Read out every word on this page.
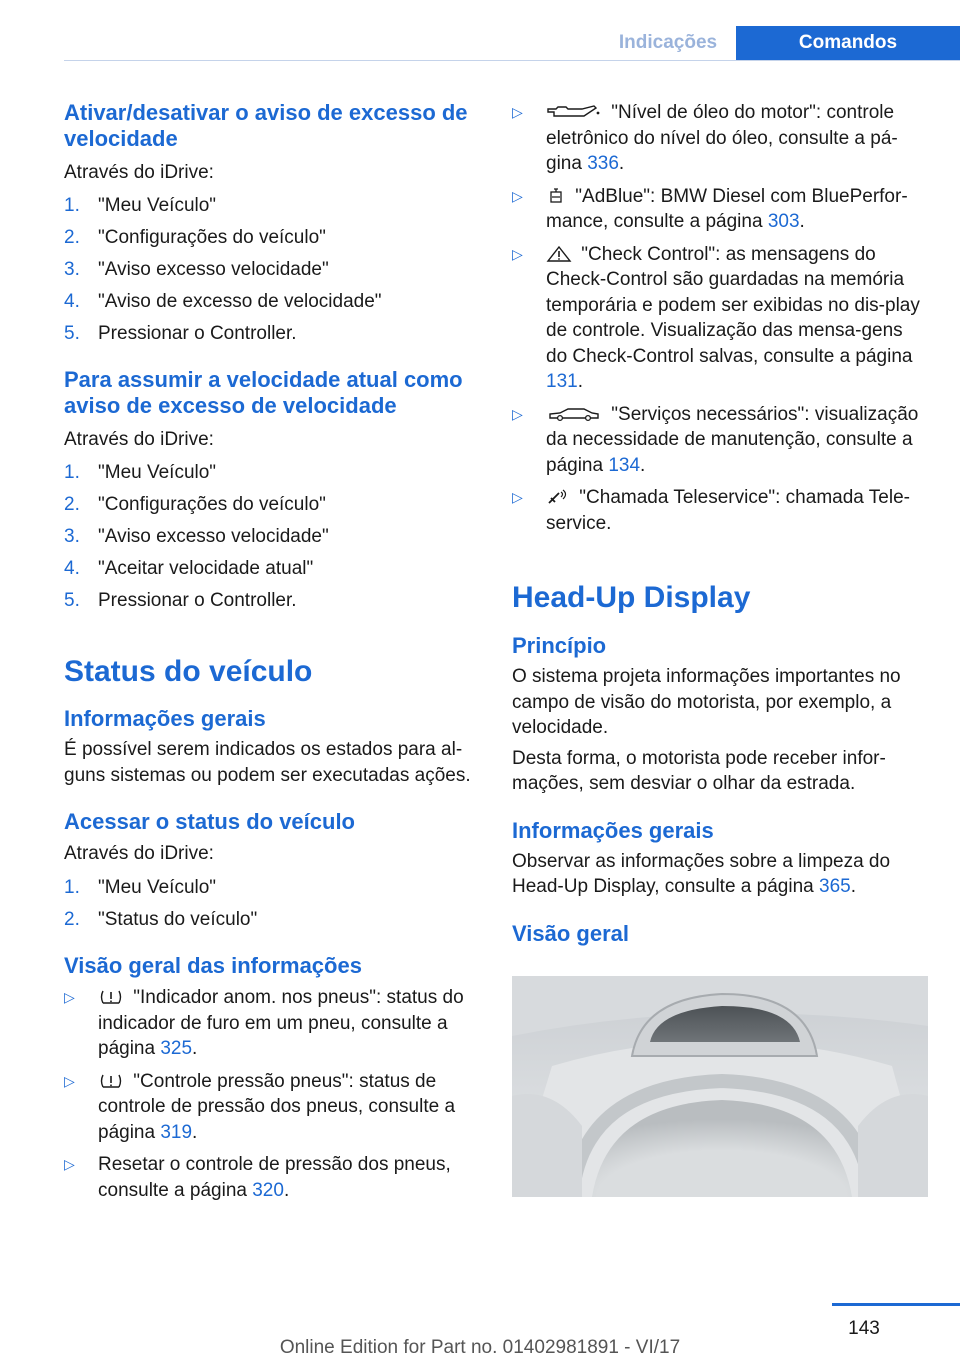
Indicações	Comandos
Ativar/desativar o aviso de excesso de velocidade

Através do iDrive:

1. "Meu Veículo"
2. "Configurações do veículo"
3. "Aviso excesso velocidade"
4. "Aviso de excesso de velocidade"
5. Pressionar o Controller.
Para assumir a velocidade atual como aviso de excesso de velocidade

Através do iDrive:

1. "Meu Veículo"
2. "Configurações do veículo"
3. "Aviso excesso velocidade"
4. "Aceitar velocidade atual"
5. Pressionar o Controller.
Status do veículo
Informações gerais

É possível serem indicados os estados para al‐guns sistemas ou podem ser executadas ações.

Acessar o status do veículo

Através do iDrive:

1. "Meu Veículo"
2. "Status do veículo"
Visão geral das informações
▷	"Indicador anom. nos pneus": status do indicador de furo em um pneu, consulte a página 325.
▷	"Controle pressão pneus": status de controle de pressão dos pneus, consulte a página 319.
▷ Resetar o controle de pressão dos pneus, consulte a página 320.
▷	"Nível de óleo do motor": controle eletrônico do nível do óleo, consulte a pá‐gina 336.
▷	"AdBlue": BMW Diesel com BluePerfor‐mance, consulte a página 303.
▷	"Check Control": as mensagens do Check-Control são guardadas na memória temporária e podem ser exibidas no dis‐play de controle. Visualização das mensa‐gens do Check-Control salvas, consulte a página 131.
▷	"Serviços necessários": visualização da necessidade de manutenção, consulte a página 134.
▷	"Chamada Teleservice": chamada Tele‐service.
Head-Up Display
Princípio

O sistema projeta informações importantes no campo de visão do motorista, por exemplo, a velocidade.

Desta forma, o motorista pode receber infor‐mações, sem desviar o olhar da estrada.

Informações gerais

Observar as informações sobre a limpeza do Head-Up Display, consulte a página 365.

Visão geral
143
Online Edition for Part no. 01402981891 - VI/17
